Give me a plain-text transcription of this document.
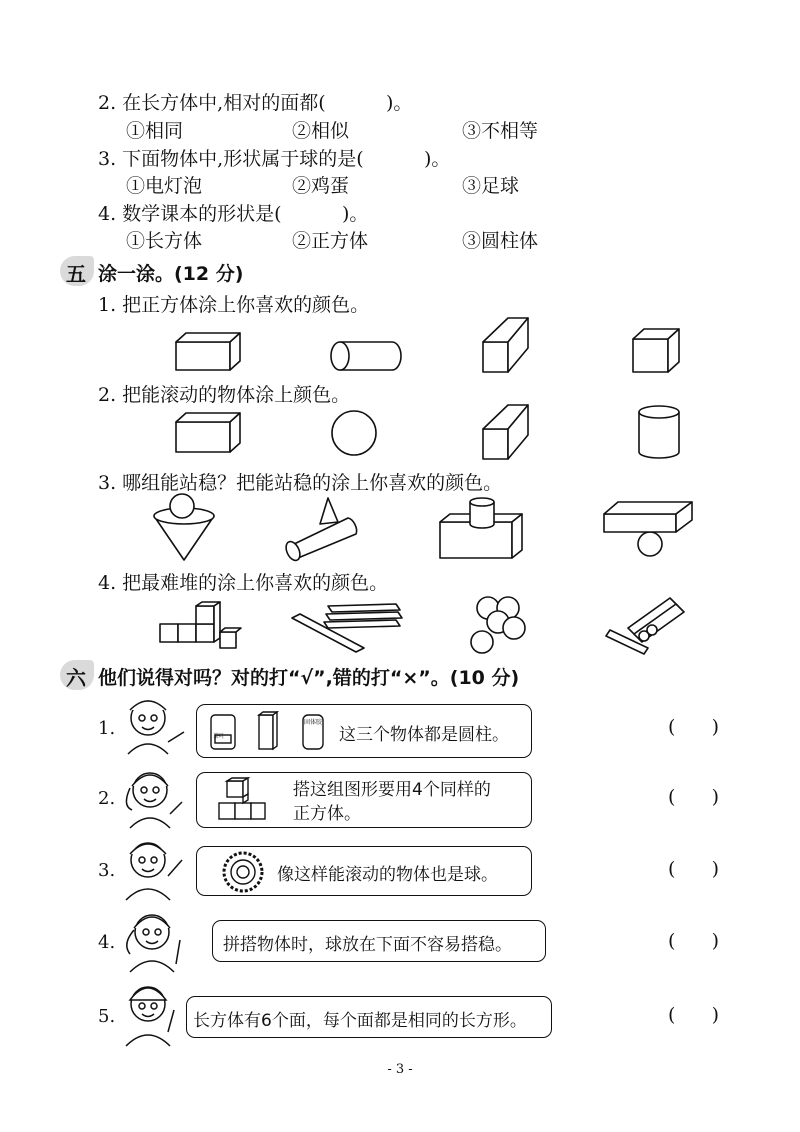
2. 在长方体中,相对的面都(          )。
①相同	②相似	③不相等
3. 下面物体中,形状属于球的是(          )。
①电灯泡	②鸡蛋	③足球
4. 数学课本的形状是(          )。
①长方体	②正方体	③圆柱体
五 涂一涂。(12 分)
1. 把正方体涂上你喜欢的颜色。
2. 把能滚动的物体涂上颜色。
3. 哪组能站稳？把能站稳的涂上你喜欢的颜色。
4. 把最难堆的涂上你喜欢的颜色。
六 他们说得对吗？对的打“√”,错的打“×”。(10 分)
1.

	茶叶

固体胶

这三个物体都是圆柱。	(      )
2.

	搭这组图形要用4个同样的
正方体。

(      )
3.

	像这样能滚动的物体也是球。	(      )
4.

	拼搭物体时，球放在下面不容易搭稳。	(      )
5.

	长方体有6个面，每个面都是相同的长方形。	(      )
- 3 -
